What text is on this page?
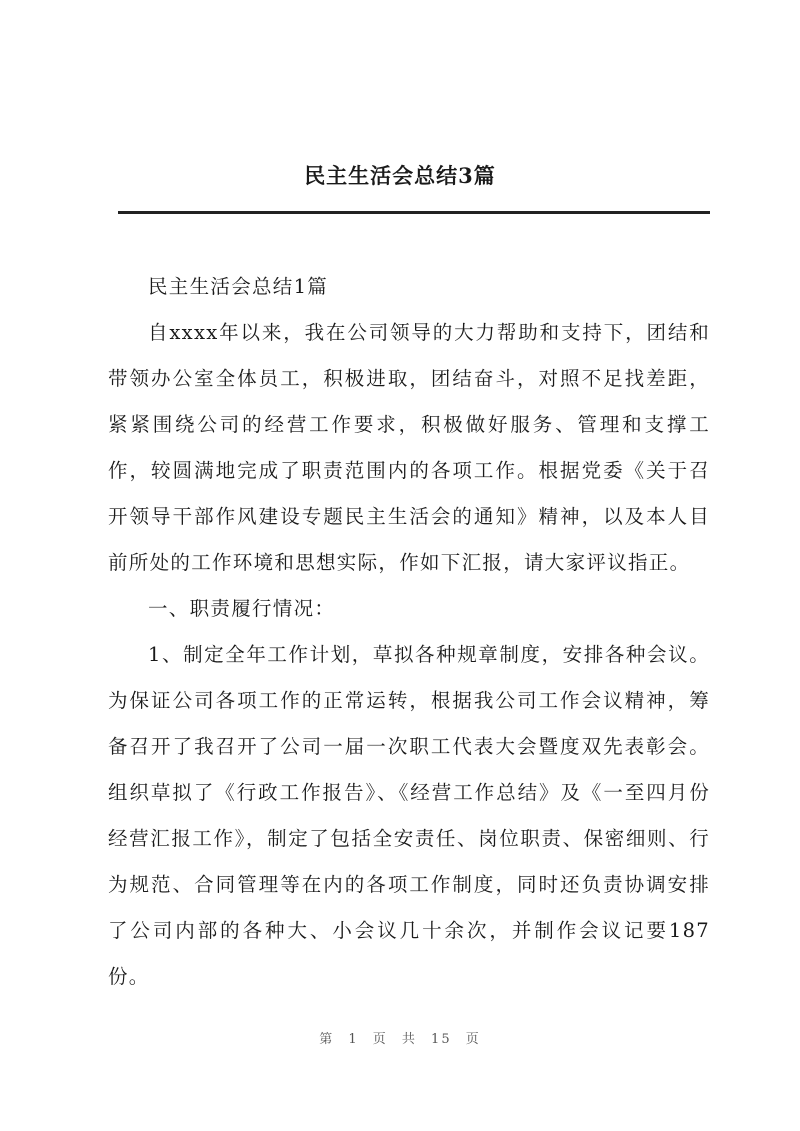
民主生活会总结3篇

民主生活会总结1篇

自xxxx年以来，我在公司领导的大力帮助和支持下，团结和带领办公室全体员工，积极进取，团结奋斗，对照不足找差距，紧紧围绕公司的经营工作要求，积极做好服务、管理和支撑工作，较圆满地完成了职责范围内的各项工作。根据党委《关于召开领导干部作风建设专题民主生活会的通知》精神，以及本人目前所处的工作环境和思想实际，作如下汇报，请大家评议指正。

一、职责履行情况：

1、制定全年工作计划，草拟各种规章制度，安排各种会议。为保证公司各项工作的正常运转，根据我公司工作会议精神，筹备召开了我召开了公司一届一次职工代表大会暨度双先表彰会。组织草拟了《行政工作报告》、《经营工作总结》及《一至四月份经营汇报工作》，制定了包括全安责任、岗位职责、保密细则、行为规范、合同管理等在内的各项工作制度，同时还负责协调安排了公司内部的各种大、小会议几十余次，并制作会议记要187份。

第 1 页 共 15 页
